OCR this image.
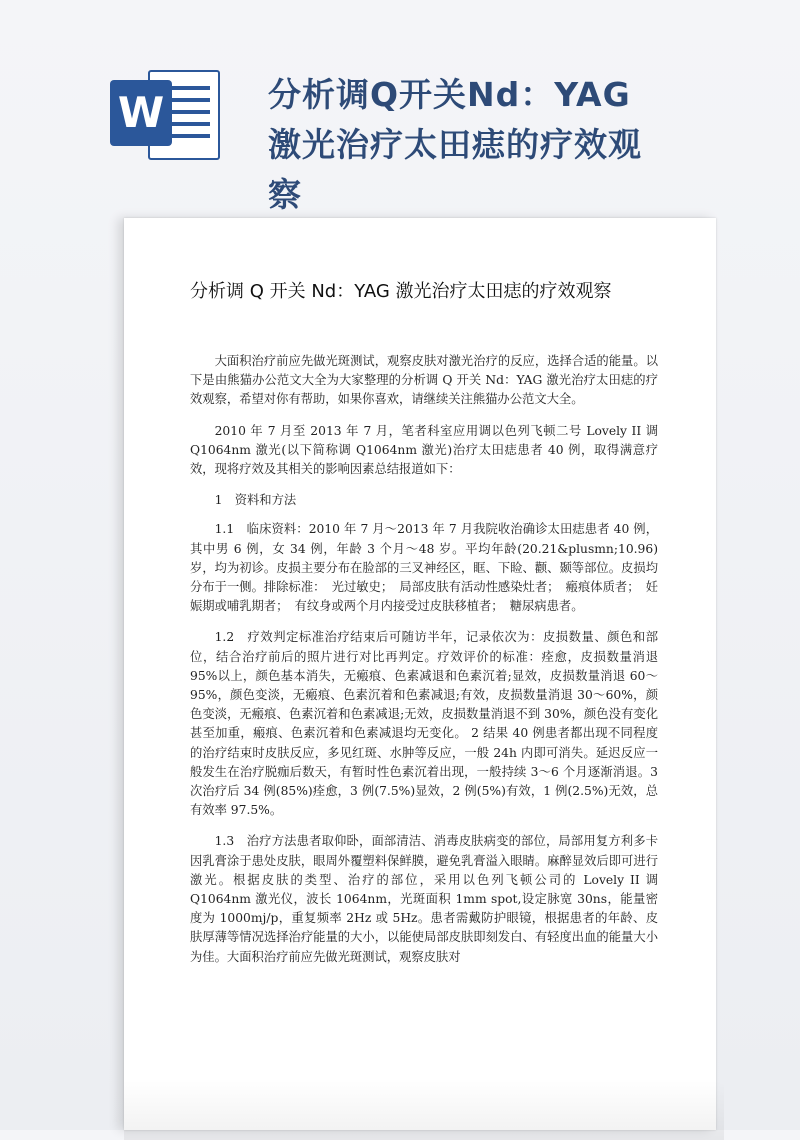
W	分析调Q开关Nd：YAG激光治疗太田痣的疗效观察
分析调 Q 开关 Nd：YAG 激光治疗太田痣的疗效观察

大面积治疗前应先做光斑测试，观察皮肤对激光治疗的反应，选择合适的能量。以下是由熊猫办公范文大全为大家整理的分析调 Q 开关 Nd：YAG 激光治疗太田痣的疗效观察，希望对你有帮助，如果你喜欢，请继续关注熊猫办公范文大全。

2010 年 7 月至 2013 年 7 月，笔者科室应用调以色列飞顿二号 Lovely II 调 Q1064nm 激光(以下简称调 Q1064nm 激光)治疗太田痣患者 40 例，取得满意疗效，现将疗效及其相关的影响因素总结报道如下：

1　资料和方法

1.1　临床资料：2010 年 7 月～2013 年 7 月我院收治确诊太田痣患者 40 例，其中男 6 例，女 34 例，年龄 3 个月～48 岁。平均年龄(20.21&plusmn;10.96)岁，均为初诊。皮损主要分布在脸部的三叉神经区，眶、下睑、颧、颞等部位。皮损均分布于一侧。排除标准：　光过敏史；　局部皮肤有活动性感染灶者；　瘢痕体质者；　妊娠期或哺乳期者；　有纹身或两个月内接受过皮肤移植者；　糖尿病患者。

1.2　疗效判定标准治疗结束后可随访半年，记录依次为：皮损数量、颜色和部位，结合治疗前后的照片进行对比再判定。疗效评价的标准：痊愈，皮损数量消退 95%以上，颜色基本消失，无瘢痕、色素减退和色素沉着;显效，皮损数量消退 60～95%，颜色变淡，无瘢痕、色素沉着和色素减退;有效，皮损数量消退 30～60%，颜色变淡，无瘢痕、色素沉着和色素减退;无效，皮损数量消退不到 30%，颜色没有变化甚至加重，瘢痕、色素沉着和色素减退均无变化。 2 结果 40 例患者都出现不同程度的治疗结束时皮肤反应，多见红斑、水肿等反应，一般 24h 内即可消失。延迟反应一般发生在治疗脱痂后数天，有暂时性色素沉着出现，一般持续 3～6 个月逐渐消退。3 次治疗后 34 例(85%)痊愈，3 例(7.5%)显效，2 例(5%)有效，1 例(2.5%)无效，总有效率 97.5%。

1.3　治疗方法患者取仰卧，面部清洁、消毒皮肤病变的部位，局部用复方利多卡因乳膏涂于患处皮肤，眼周外覆塑料保鲜膜，避免乳膏溢入眼睛。麻醉显效后即可进行激光。根据皮肤的类型、治疗的部位，采用以色列飞顿公司的 Lovely II 调 Q1064nm 激光仪，波长 1064nm，光斑面积 1mm spot,设定脉宽 30ns，能量密度为 1000mj/p，重复频率 2Hz 或 5Hz。患者需戴防护眼镜，根据患者的年龄、皮肤厚薄等情况选择治疗能量的大小，以能使局部皮肤即刻发白、有轻度出血的能量大小为佳。大面积治疗前应先做光斑测试，观察皮肤对
